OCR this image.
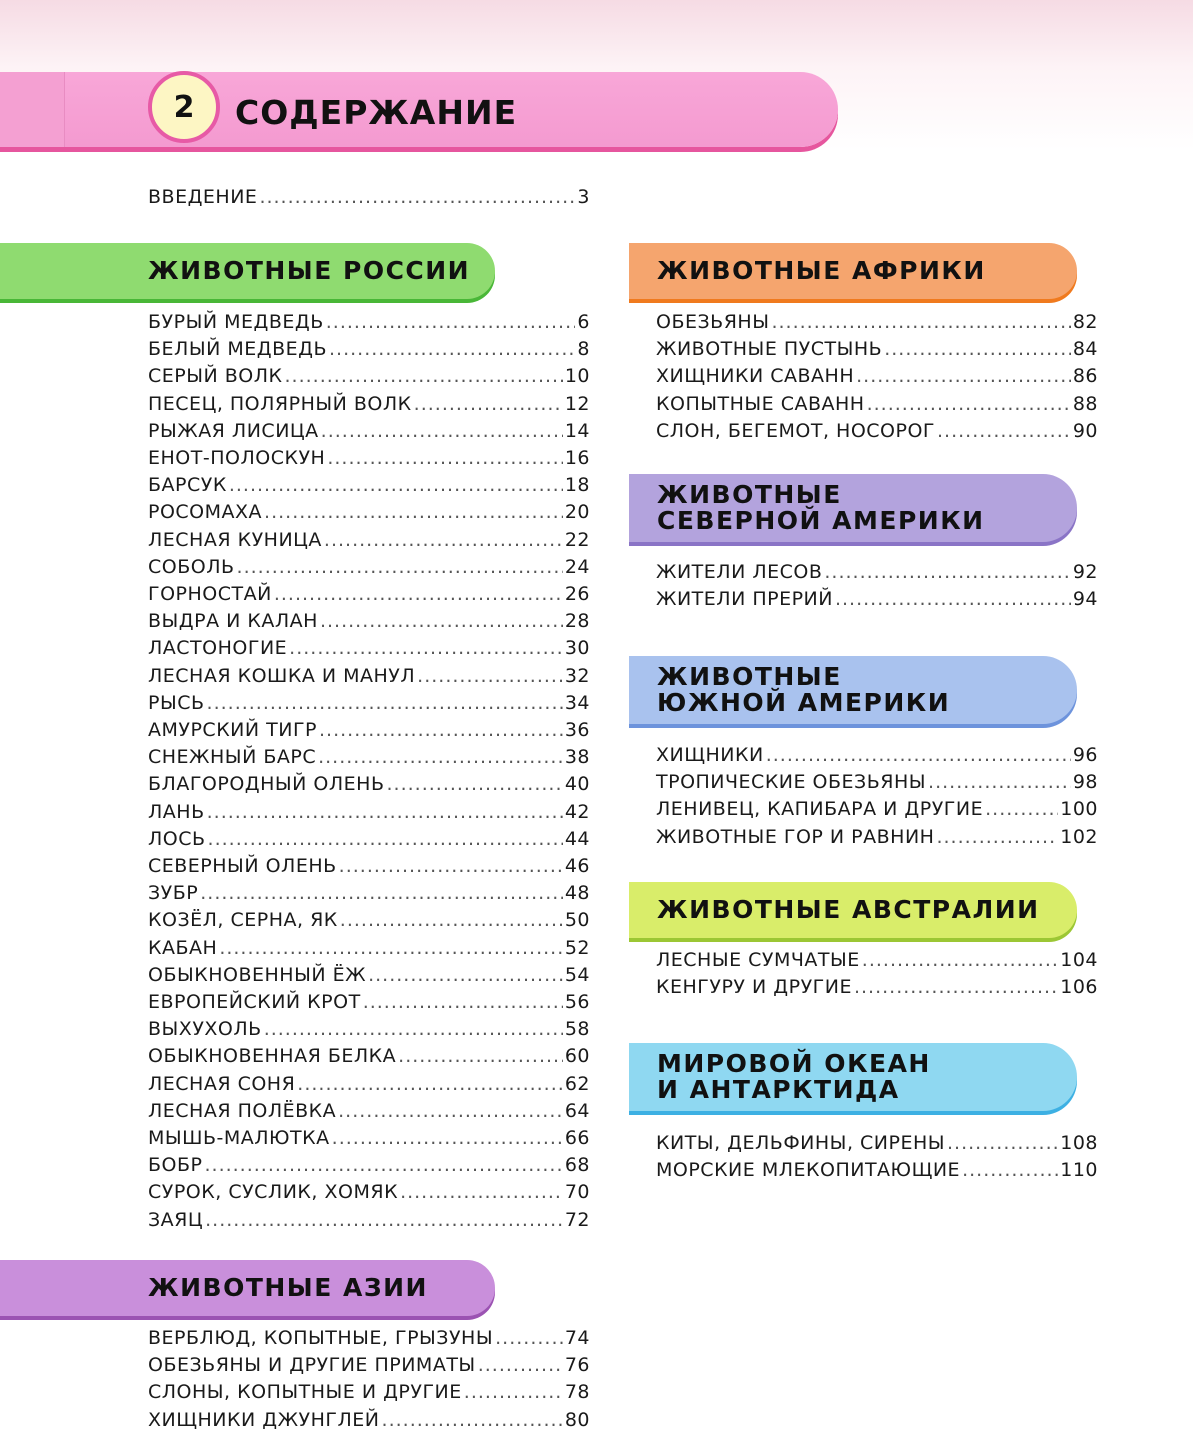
2 СОДЕРЖАНИЕ
ВВЕДЕНИЕ .....	3
ЖИВОТНЫЕ РОССИИ
БУРЫЙ МЕДВЕДЬ .....	6
БЕЛЫЙ МЕДВЕДЬ .....	8
СЕРЫЙ ВОЛК .....	10
ПЕСЕЦ, ПОЛЯРНЫЙ ВОЛК .....	12
РЫЖАЯ ЛИСИЦА .....	14
ЕНОТ-ПОЛОСКУН .....	16
БАРСУК .....	18
РОСОМАХА .....	20
ЛЕСНАЯ КУНИЦА .....	22
СОБОЛЬ .....	24
ГОРНОСТАЙ .....	26
ВЫДРА И КАЛАН .....	28
ЛАСТОНОГИЕ .....	30
ЛЕСНАЯ КОШКА И МАНУЛ .....	32
РЫСЬ .....	34
АМУРСКИЙ ТИГР .....	36
СНЕЖНЫЙ БАРС .....	38
БЛАГОРОДНЫЙ ОЛЕНЬ .....	40
ЛАНЬ .....	42
ЛОСЬ .....	44
СЕВЕРНЫЙ ОЛЕНЬ .....	46
ЗУБР .....	48
КОЗЁЛ, СЕРНА, ЯК .....	50
КАБАН .....	52
ОБЫКНОВЕННЫЙ ЁЖ .....	54
ЕВРОПЕЙСКИЙ КРОТ .....	56
ВЫХУХОЛЬ .....	58
ОБЫКНОВЕННАЯ БЕЛКА .....	60
ЛЕСНАЯ СОНЯ .....	62
ЛЕСНАЯ ПОЛЁВКА .....	64
МЫШЬ-МАЛЮТКА .....	66
БОБР .....	68
СУРОК, СУСЛИК, ХОМЯК .....	70
ЗАЯЦ .....	72
ЖИВОТНЫЕ АЗИИ
ВЕРБЛЮД, КОПЫТНЫЕ, ГРЫЗУНЫ .....	74
ОБЕЗЬЯНЫ И ДРУГИЕ ПРИМАТЫ .....	76
СЛОНЫ, КОПЫТНЫЕ И ДРУГИЕ .....	78
ХИЩНИКИ ДЖУНГЛЕЙ .....	80
ЖИВОТНЫЕ АФРИКИ
ОБЕЗЬЯНЫ .....	82
ЖИВОТНЫЕ ПУСТЫНЬ .....	84
ХИЩНИКИ САВАНН .....	86
КОПЫТНЫЕ САВАНН .....	88
СЛОН, БЕГЕМОТ, НОСОРОГ .....	90
ЖИВОТНЫЕ
СЕВЕРНОЙ АМЕРИКИ
ЖИТЕЛИ ЛЕСОВ .....	92
ЖИТЕЛИ ПРЕРИЙ .....	94
ЖИВОТНЫЕ
ЮЖНОЙ АМЕРИКИ
ХИЩНИКИ .....	96
ТРОПИЧЕСКИЕ ОБЕЗЬЯНЫ .....	98
ЛЕНИВЕЦ, КАПИБАРА И ДРУГИЕ .....	100
ЖИВОТНЫЕ ГОР И РАВНИН .....	102
ЖИВОТНЫЕ АВСТРАЛИИ
ЛЕСНЫЕ СУМЧАТЫЕ .....	104
КЕНГУРУ И ДРУГИЕ .....	106
МИРОВОЙ ОКЕАН
И АНТАРКТИДА
КИТЫ, ДЕЛЬФИНЫ, СИРЕНЫ .....	108
МОРСКИЕ МЛЕКОПИТАЮЩИЕ .....	110
